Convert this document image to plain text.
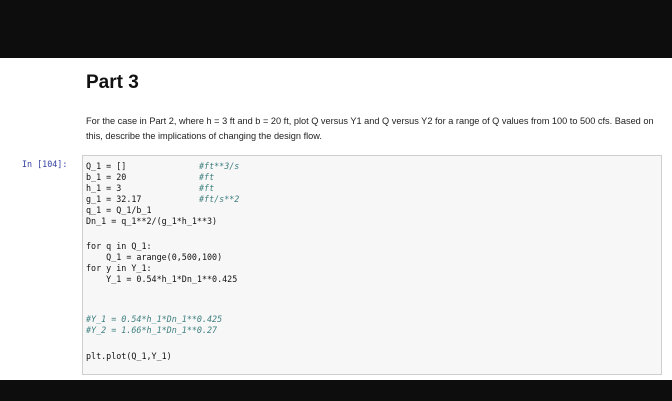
Part 3

For the case in Part 2, where h = 3 ft and b = 20 ft, plot Q versus Y1 and Q versus Y2 for a range of Q values from 100 to 500 cfs. Based on this, describe the implications of changing the design flow.

In [104]: Q_1 = []	#ft**3/s
b_1 = 20	#ft
h_1 = 3	#ft
g_1 = 32.17	#ft/s**2
q_1 = Q_1/b_1
Dn_1 = q_1**2/(g_1*h_1**3)
for q in Q_1:
Q_1 = arange(0,500,100)
for y in Y_1:
Y_1 = 0.54*h_1*Dn_1**0.425
#Y_1 = 0.54*h_1*Dn_1**0.425
#Y_2 = 1.66*h_1*Dn_1**0.27
plt.plot(Q_1,Y_1)
